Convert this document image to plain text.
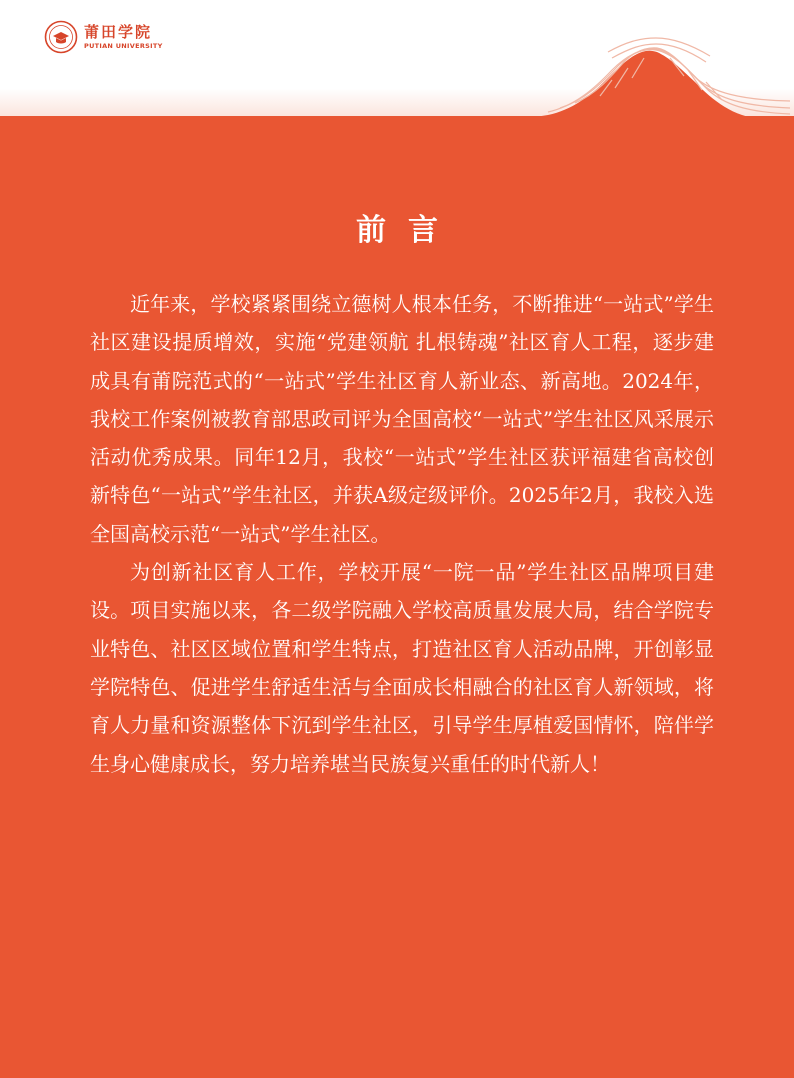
莆田学院
PUTIAN UNIVERSITY
前言

近年来，学校紧紧围绕立德树人根本任务，不断推进“一站式”学生社区建设提质增效，实施“党建领航 扎根铸魂”社区育人工程，逐步建成具有莆院范式的“一站式”学生社区育人新业态、新高地。2024年，我校工作案例被教育部思政司评为全国高校“一站式”学生社区风采展示活动优秀成果。同年12月，我校“一站式”学生社区获评福建省高校创新特色“一站式”学生社区，并获A级定级评价。2025年2月，我校入选全国高校示范“一站式”学生社区。

为创新社区育人工作，学校开展“一院一品”学生社区品牌项目建设。项目实施以来，各二级学院融入学校高质量发展大局，结合学院专业特色、社区区域位置和学生特点，打造社区育人活动品牌，开创彰显学院特色、促进学生舒适生活与全面成长相融合的社区育人新领域，将育人力量和资源整体下沉到学生社区，引导学生厚植爱国情怀，陪伴学生身心健康成长，努力培养堪当民族复兴重任的时代新人！
